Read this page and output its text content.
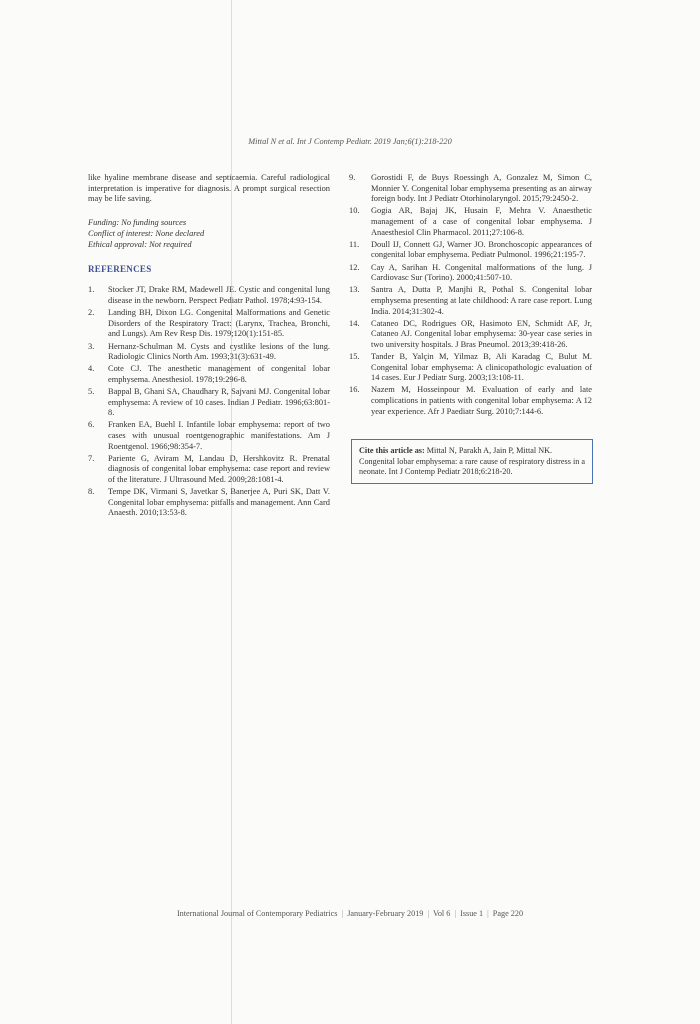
Mittal N et al. Int J Contemp Pediatr. 2019 Jan;6(1):218-220

like hyaline membrane disease and septicaemia. Careful radiological interpretation is imperative for diagnosis. A prompt surgical resection may be life saving.

Funding: No funding sources
Conflict of interest: None declared
Ethical approval: Not required
REFERENCES
1. Stocker JT, Drake RM, Madewell JE. Cystic and congenital lung disease in the newborn. Perspect Pediatr Pathol. 1978;4:93-154.
2. Landing BH, Dixon LG. Congenital Malformations and Genetic Disorders of the Respiratory Tract: (Larynx, Trachea, Bronchi, and Lungs). Am Rev Resp Dis. 1979;120(1):151-85.
3. Hernanz-Schulman M. Cysts and cystlike lesions of the lung. Radiologic Clinics North Am. 1993;31(3):631-49.
4. Cote CJ. The anesthetic management of congenital lobar emphysema. Anesthesiol. 1978;19:296-8.
5. Bappal B, Ghani SA, Chaudhary R, Sajvani MJ. Congenital lobar emphysema: A review of 10 cases. Indian J Pediatr. 1996;63:801-8.
6. Franken EA, Buehl I. Infantile lobar emphysema: report of two cases with unusual roentgenographic manifestations. Am J Roentgenol. 1966;98:354-7.
7. Pariente G, Aviram M, Landau D, Hershkovitz R. Prenatal diagnosis of congenital lobar emphysema: case report and review of the literature. J Ultrasound Med. 2009;28:1081-4.
8. Tempe DK, Virmani S, Javetkar S, Banerjee A, Puri SK, Datt V. Congenital lobar emphysema: pitfalls and management. Ann Card Anaesth. 2010;13:53-8.
9. Gorostidi F, de Buys Roessingh A, Gonzalez M, Simon C, Monnier Y. Congenital lobar emphysema presenting as an airway foreign body. Int J Pediatr Otorhinolaryngol. 2015;79:2450-2.
10. Gogia AR, Bajaj JK, Husain F, Mehra V. Anaesthetic management of a case of congenital lobar emphysema. J Anaesthesiol Clin Pharmacol. 2011;27:106-8.
11. Doull IJ, Connett GJ, Warner JO. Bronchoscopic appearances of congenital lobar emphysema. Pediatr Pulmonol. 1996;21:195-7.
12. Cay A, Sarihan H. Congenital malformations of the lung. J Cardiovasc Sur (Torino). 2000;41:507-10.
13. Santra A, Dutta P, Manjhi R, Pothal S. Congenital lobar emphysema presenting at late childhood: A rare case report. Lung India. 2014;31:302-4.
14. Cataneo DC, Rodrigues OR, Hasimoto EN, Schmidt AF, Jr, Cataneo AJ. Congenital lobar emphysema: 30-year case series in two university hospitals. J Bras Pneumol. 2013;39:418-26.
15. Tander B, Yalçin M, Yilmaz B, Ali Karadag C, Bulut M. Congenital lobar emphysema: A clinicopathologic evaluation of 14 cases. Eur J Pediatr Surg. 2003;13:108-11.
16. Nazem M, Hosseinpour M. Evaluation of early and late complications in patients with congenital lobar emphysema: A 12 year experience. Afr J Paediatr Surg. 2010;7:144-6.
Cite this article as: Mittal N, Parakh A, Jain P, Mittal NK. Congenital lobar emphysema: a rare cause of respiratory distress in a neonate. Int J Contemp Pediatr 2018;6:218-20.
International Journal of Contemporary Pediatrics | January-February 2019 | Vol 6 | Issue 1 | Page 220
